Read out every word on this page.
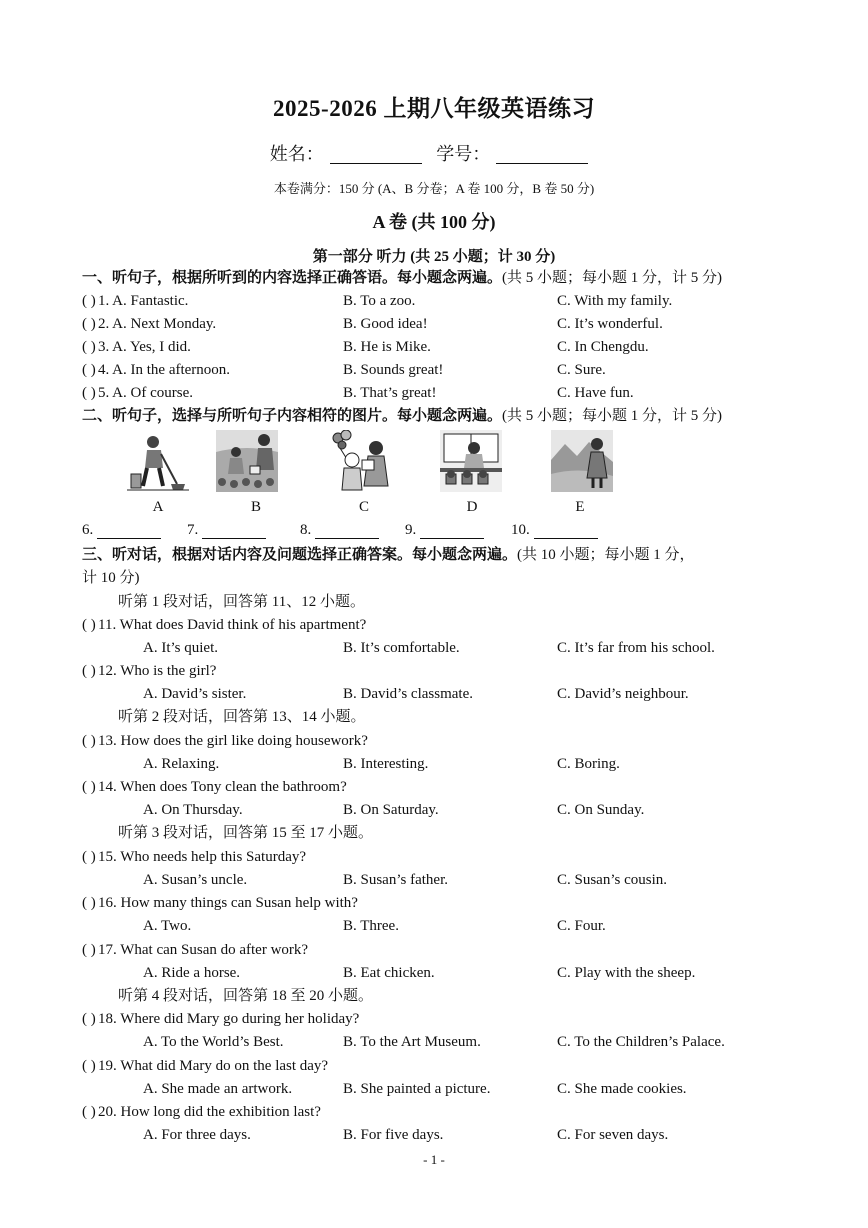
2025-2026 上期八年级英语练习
姓名：	学号：
本卷满分：150 分 (A、B 分卷；A 卷 100 分，B 卷 50 分)
A 卷 (共 100 分)
第一部分 听力 (共 25 小题；计 30 分)
一、听句子，根据所听到的内容选择正确答语。每小题念两遍。(共 5 小题；每小题 1 分，计 5 分)
( ) 1. A. Fantastic.	B. To a zoo.	C. With my family.
( ) 2. A. Next Monday.	B. Good idea!	C. It’s wonderful.
( ) 3. A. Yes, I did.	B. He is Mike.	C. In Chengdu.
( ) 4. A. In the afternoon.	B. Sounds great!	C. Sure.
( ) 5. A. Of course.	B. That’s great!	C. Have fun.
二、听句子，选择与所听句子内容相符的图片。每小题念两遍。(共 5 小题；每小题 1 分，计 5 分)
A	B	C	D	E
6.	7.	8.	9.	10.
三、听对话，根据对话内容及问题选择正确答案。每小题念两遍。(共 10 小题；每小题 1 分，
计 10 分)
听第 1 段对话，回答第 11、12 小题。
( ) 11. What does David think of his apartment?
A. It’s quiet.	B. It’s comfortable.	C. It’s far from his school.
( ) 12. Who is the girl?
A. David’s sister.	B. David’s classmate.	C. David’s neighbour.
听第 2 段对话，回答第 13、14 小题。
( ) 13. How does the girl like doing housework?
A. Relaxing.	B. Interesting.	C. Boring.
( ) 14. When does Tony clean the bathroom?
A. On Thursday.	B. On Saturday.	C. On Sunday.
听第 3 段对话，回答第 15 至 17 小题。
( ) 15. Who needs help this Saturday?
A. Susan’s uncle.	B. Susan’s father.	C. Susan’s cousin.
( ) 16. How many things can Susan help with?
A. Two.	B. Three.	C. Four.
( ) 17. What can Susan do after work?
A. Ride a horse.	B. Eat chicken.	C. Play with the sheep.
听第 4 段对话，回答第 18 至 20 小题。
( ) 18. Where did Mary go during her holiday?
A. To the World’s Best.	B. To the Art Museum.	C. To the Children’s Palace.
( ) 19. What did Mary do on the last day?
A. She made an artwork.	B. She painted a picture.	C. She made cookies.
( ) 20. How long did the exhibition last?
A. For three days.	B. For five days.	C. For seven days.
- 1 -
